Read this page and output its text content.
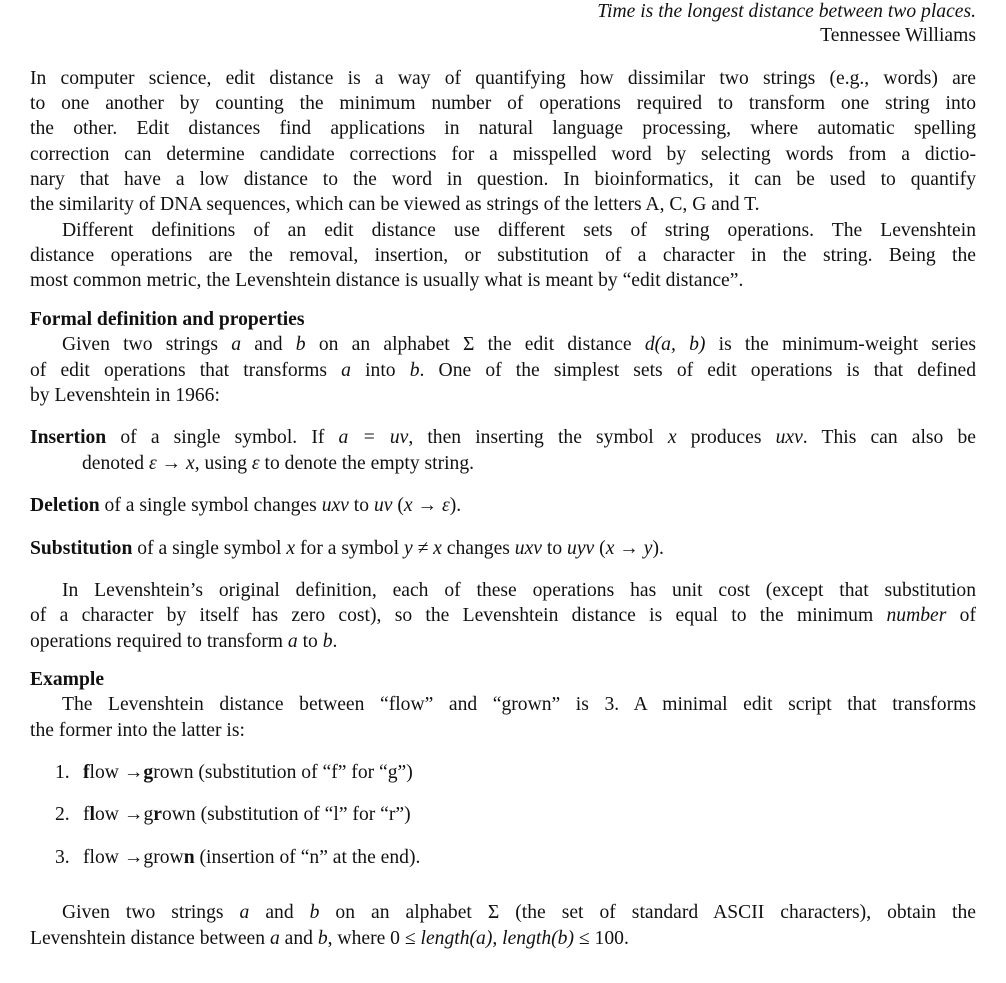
Time is the longest distance between two places.
Tennessee Williams
In computer science, edit distance is a way of quantifying how dissimilar two strings (e.g., words) are
to one another by counting the minimum number of operations required to transform one string into
the other. Edit distances find applications in natural language processing, where automatic spelling
correction can determine candidate corrections for a misspelled word by selecting words from a dictio-
nary that have a low distance to the word in question. In bioinformatics, it can be used to quantify
the similarity of DNA sequences, which can be viewed as strings of the letters A, C, G and T.
Different definitions of an edit distance use different sets of string operations. The Levenshtein
distance operations are the removal, insertion, or substitution of a character in the string. Being the
most common metric, the Levenshtein distance is usually what is meant by “edit distance”.
Formal definition and properties
Given two strings a and b on an alphabet Σ the edit distance d(a, b) is the minimum-weight series
of edit operations that transforms a into b. One of the simplest sets of edit operations is that defined
by Levenshtein in 1966:
Insertion of a single symbol. If a = uv, then inserting the symbol x produces uxv. This can also be
denoted ε → x, using ε to denote the empty string.
Deletion of a single symbol changes uxv to uv (x → ε).
Substitution of a single symbol x for a symbol y ≠ x changes uxv to uyv (x → y).
In Levenshtein’s original definition, each of these operations has unit cost (except that substitution
of a character by itself has zero cost), so the Levenshtein distance is equal to the minimum number of
operations required to transform a to b.
Example
The Levenshtein distance between “flow” and “grown” is 3. A minimal edit script that transforms
the former into the latter is:
1. flow →grown (substitution of “f” for “g”)
2. flow →grown (substitution of “l” for “r”)
3. flow →grown (insertion of “n” at the end).
Given two strings a and b on an alphabet Σ (the set of standard ASCII characters), obtain the
Levenshtein distance between a and b, where 0 ≤ length(a), length(b) ≤ 100.
